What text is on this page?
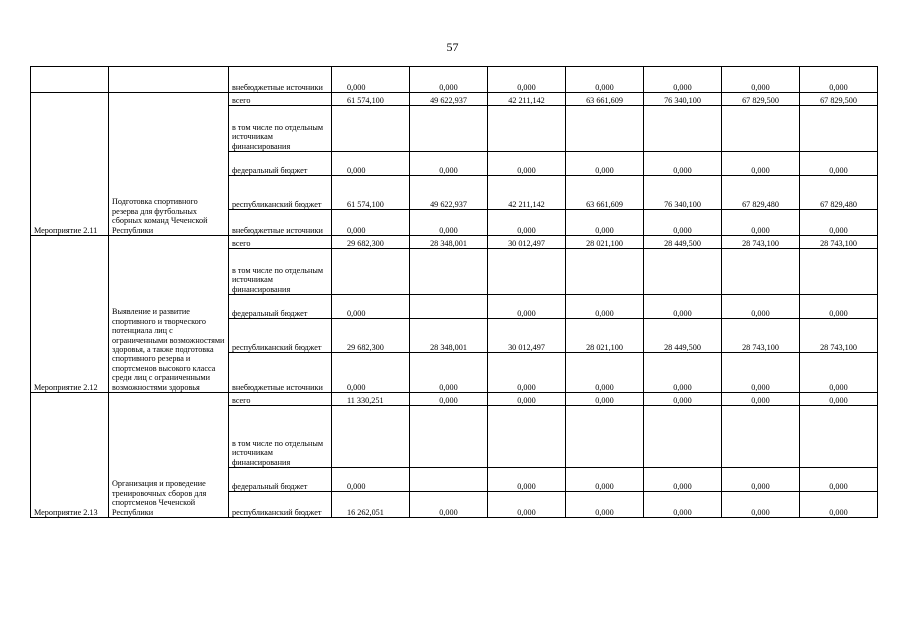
57
		внебюджетные источники	0,000	0,000	0,000	0,000	0,000	0,000	0,000
Мероприятие 2.11	Подготовка спортивного резерва для футбольных сборных команд Чеченской Республики	всего	61 574,100	49 622,937	42 211,142	63 661,609	76 340,100	67 829,500	67 829,500
		в том числе по отдельным источникам финансирования							
		федеральный бюджет	0,000	0,000	0,000	0,000	0,000	0,000	0,000
		республиканский бюджет	61 574,100	49 622,937	42 211,142	63 661,609	76 340,100	67 829,480	67 829,480
		внебюджетные источники	0,000	0,000	0,000	0,000	0,000	0,000	0,000
Мероприятие 2.12	Выявление и развитие спортивного и творческого потенциала лиц с ограниченными возможностями здоровья, а также подготовка спортивного резерва и спортсменов высокого класса среди лиц с ограниченными возможностями здоровья	всего	29 682,300	28 348,001	30 012,497	28 021,100	28 449,500	28 743,100	28 743,100
		в том числе по отдельным источникам финансирования							
		федеральный бюджет	0,000		0,000	0,000	0,000	0,000	0,000
		республиканский бюджет	29 682,300	28 348,001	30 012,497	28 021,100	28 449,500	28 743,100	28 743,100
		внебюджетные источники	0,000	0,000	0,000	0,000	0,000	0,000	0,000
Мероприятие 2.13	Организация и проведение тренировочных сборов для спортсменов Чеченской Республики	всего	11 330,251	0,000	0,000	0,000	0,000	0,000	0,000
		в том числе по отдельным источникам финансирования							
		федеральный бюджет	0,000		0,000	0,000	0,000	0,000	0,000
		республиканский бюджет	16 262,051	0,000	0,000	0,000	0,000	0,000	0,000
